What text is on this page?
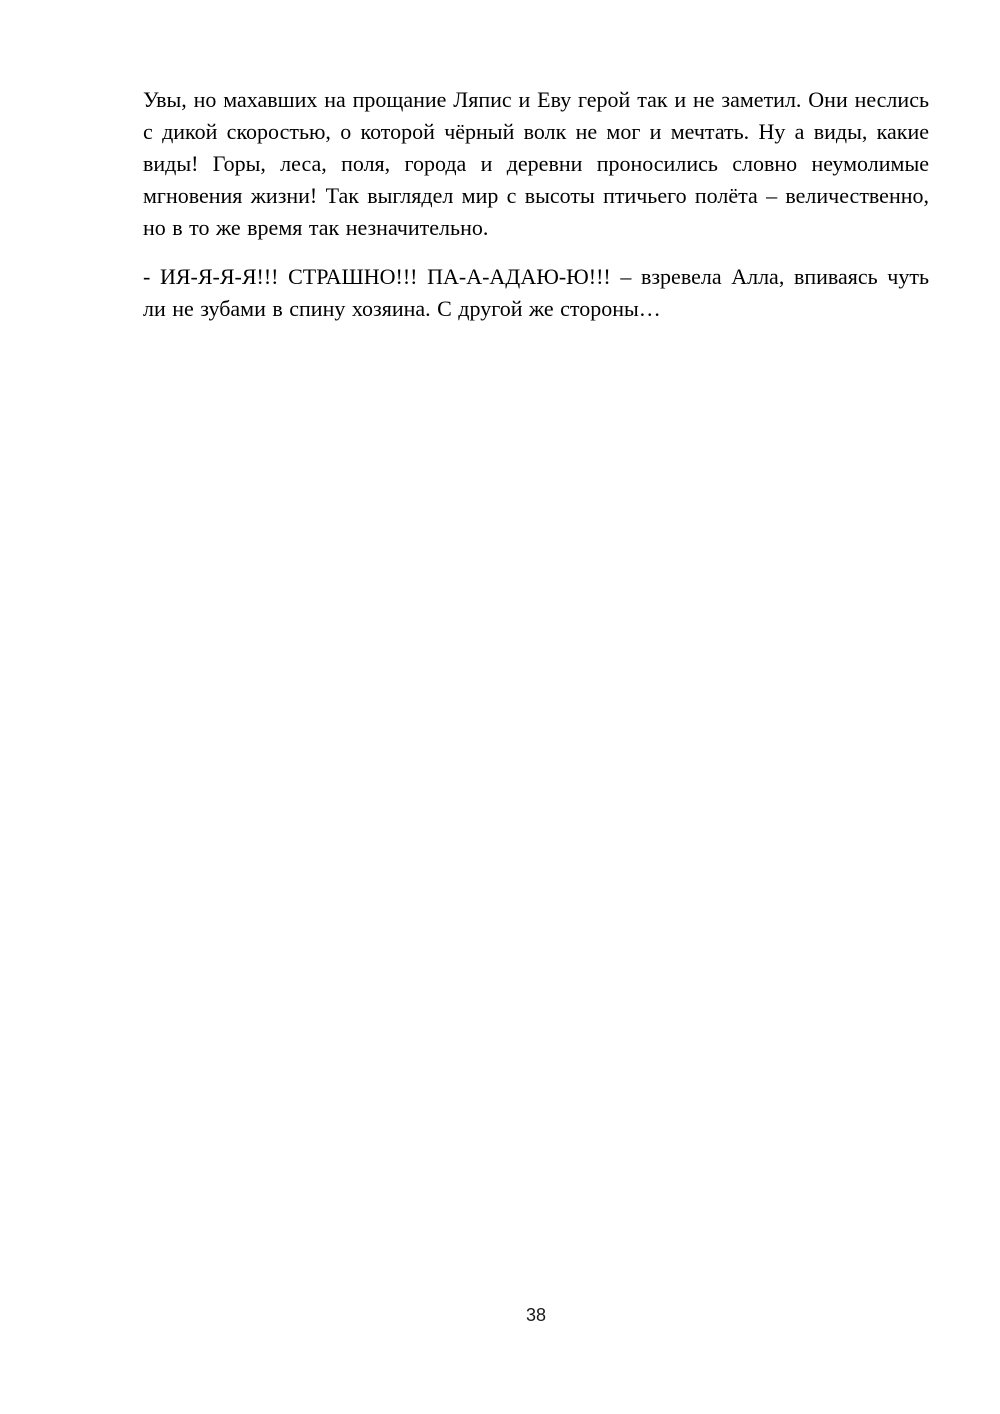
Увы, но махавших на прощание Ляпис и Еву герой так и не заметил. Они неслись с дикой скоростью, о которой чёрный волк не мог и мечтать. Ну а виды, какие виды! Горы, леса, поля, города и деревни проносились словно неумолимые мгновения жизни! Так выглядел мир с высоты птичьего полёта – величественно, но в то же время так незначительно.

- ИЯ-Я-Я-Я!!! СТРАШНО!!! ПА-А-АДАЮ-Ю!!! – взревела Алла, впиваясь чуть ли не зубами в спину хозяина. С другой же стороны…

38
